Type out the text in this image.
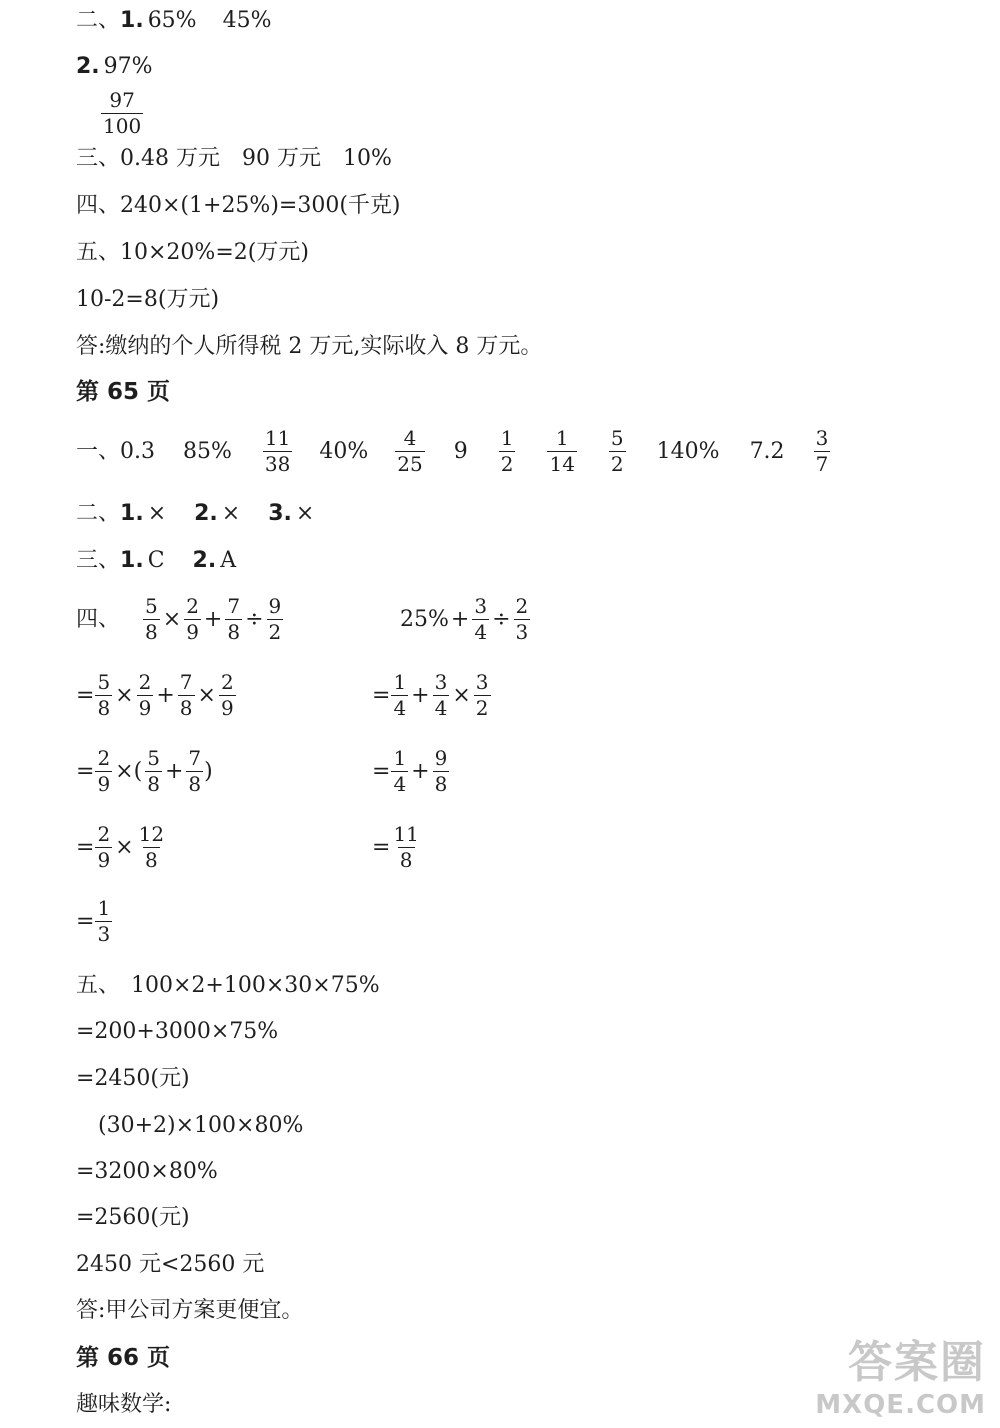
二、 1. 65% 45%
2. 97%
$\frac{97}{100}$
三、0.48 万元　90 万元　10%
四、240×(1+25%)=300(千克)
五、10×20%=2(万元)
10-2=8(万元)
答:缴纳的个人所得税 2 万元,实际收入 8 万元。
第 65 页
一、 0.3 $85\% \frac{11}{38} 40\% \frac{4}{25} 9 \frac{1}{2} \frac{1}{14} \frac{5}{2} 140\%$ $7.2 \frac{3}{7}$
二、 1. × 2. × 3. ×
三、 1. C 2. A
四、 $\frac{5}{8} \times \frac{2}{9} + \frac{7}{8} \div \frac{9}{2}$	$25\% + \frac{3}{4} \div \frac{2}{3}$
= $\frac{5}{8} \times \frac{2}{9} + \frac{7}{8} \times \frac{2}{9}$	= $\frac{1}{4} + \frac{3}{4} \times \frac{3}{2}$
= $\frac{2}{9}$ ×( $\frac{5}{8} + \frac{7}{8}$ )	= $\frac{1}{4} + \frac{9}{8}$
= $\frac{2}{9} \times \frac{12}{8}$	= $\frac{11}{8}$
= $\frac{1}{3}$
五、　100×2+100×30×75%
=200+3000×75%
=2450(元)
　(30+2)×100×80%
=3200×80%
=2560(元)
2450 元<2560 元
答:甲公司方案更便宜。
第 66 页
趣味数学:
答案圈
MXQE.COM
